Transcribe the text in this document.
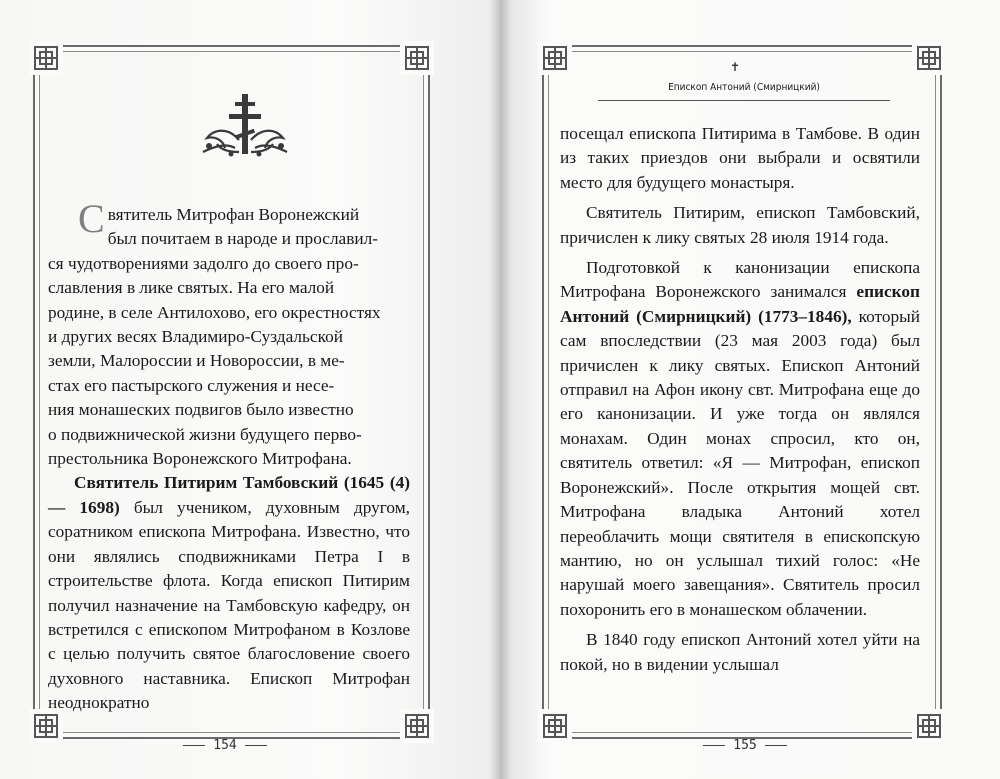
Святитель Митрофан Воронежский

был почитаем в народе и прославил-

ся чудотворениями задолго до своего про-

славления в лике святых. На его малой

родине, в селе Антилохово, его окрестностях

и других весях Владимиро-Суздальской

земли, Малороссии и Новороссии, в ме-

стах его пастырского служения и несе-

ния монашеских подвигов было известно

о подвижнической жизни будущего перво-

престольника Воронежского Митрофана.

Святитель Питирим Тамбовский (1645 (4) — 1698) был учеником, духовным другом, соратником епископа Митрофана. Известно, что они являлись сподвижниками Петра I в строительстве флота. Когда епископ Питирим получил назначение на Тамбовскую кафедру, он встретился с епископом Митрофаном в Козлове с целью получить святое благословение своего духовного наставника. Епископ Митрофан неоднократно

154
✝
Епископ Антоний (Смирницкий)

посещал епископа Питирима в Тамбове. В один из таких приездов они выбрали и освятили место для будущего монастыря.

Святитель Питирим, епископ Тамбовский, причислен к лику святых 28 июля 1914 года.

Подготовкой к канонизации епископа Митрофана Воронежского занимался епископ Антоний (Смирницкий) (1773–1846), который сам впоследствии (23 мая 2003 года) был причислен к лику святых. Епископ Антоний отправил на Афон икону свт. Митрофана еще до его канонизации. И уже тогда он являлся монахам. Один монах спросил, кто он, святитель ответил: «Я — Митрофан, епископ Воронежский». После открытия мощей свт. Митрофана владыка Антоний хотел переоблачить мощи святителя в епископскую мантию, но он услышал тихий голос: «Не нарушай моего завещания». Святитель просил похоронить его в монашеском облачении.

В 1840 году епископ Антоний хотел уйти на покой, но в видении услышал

155
